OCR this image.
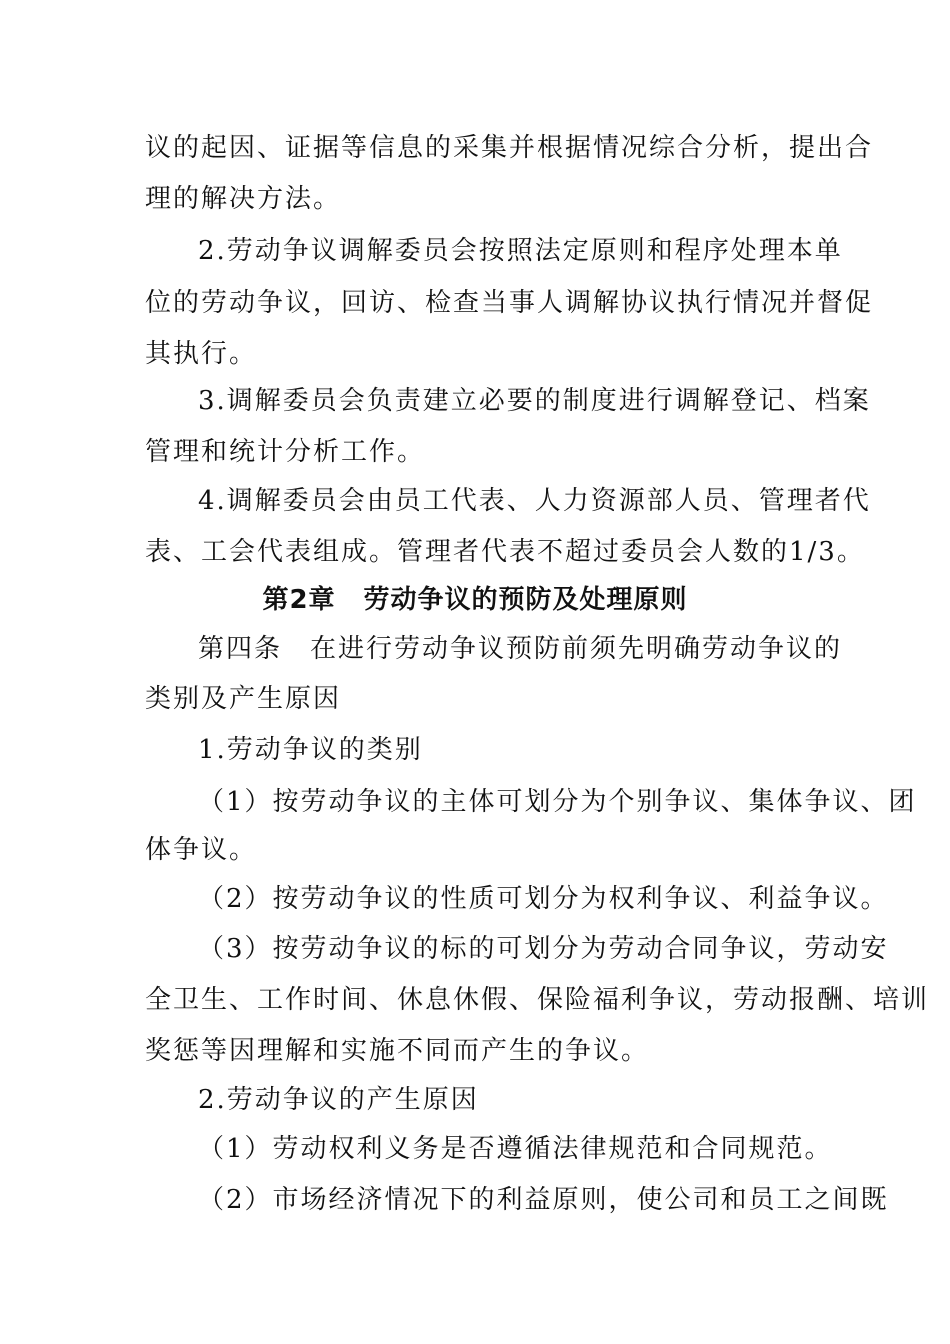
议的起因、证据等信息的采集并根据情况综合分析，提出合
理的解决方法。
2.劳动争议调解委员会按照法定原则和程序处理本单
位的劳动争议，回访、检查当事人调解协议执行情况并督促
其执行。
3.调解委员会负责建立必要的制度进行调解登记、档案
管理和统计分析工作。
4.调解委员会由员工代表、人力资源部人员、管理者代
表、工会代表组成。管理者代表不超过委员会人数的1/3。
第2章 劳动争议的预防及处理原则
第四条 在进行劳动争议预防前须先明确劳动争议的
类别及产生原因
1.劳动争议的类别
（1）按劳动争议的主体可划分为个别争议、集体争议、团
体争议。
（2）按劳动争议的性质可划分为权利争议、利益争议。
（3）按劳动争议的标的可划分为劳动合同争议，劳动安
全卫生、工作时间、休息休假、保险福利争议，劳动报酬、培训
奖惩等因理解和实施不同而产生的争议。
2.劳动争议的产生原因
（1）劳动权利义务是否遵循法律规范和合同规范。
（2）市场经济情况下的利益原则，使公司和员工之间既
